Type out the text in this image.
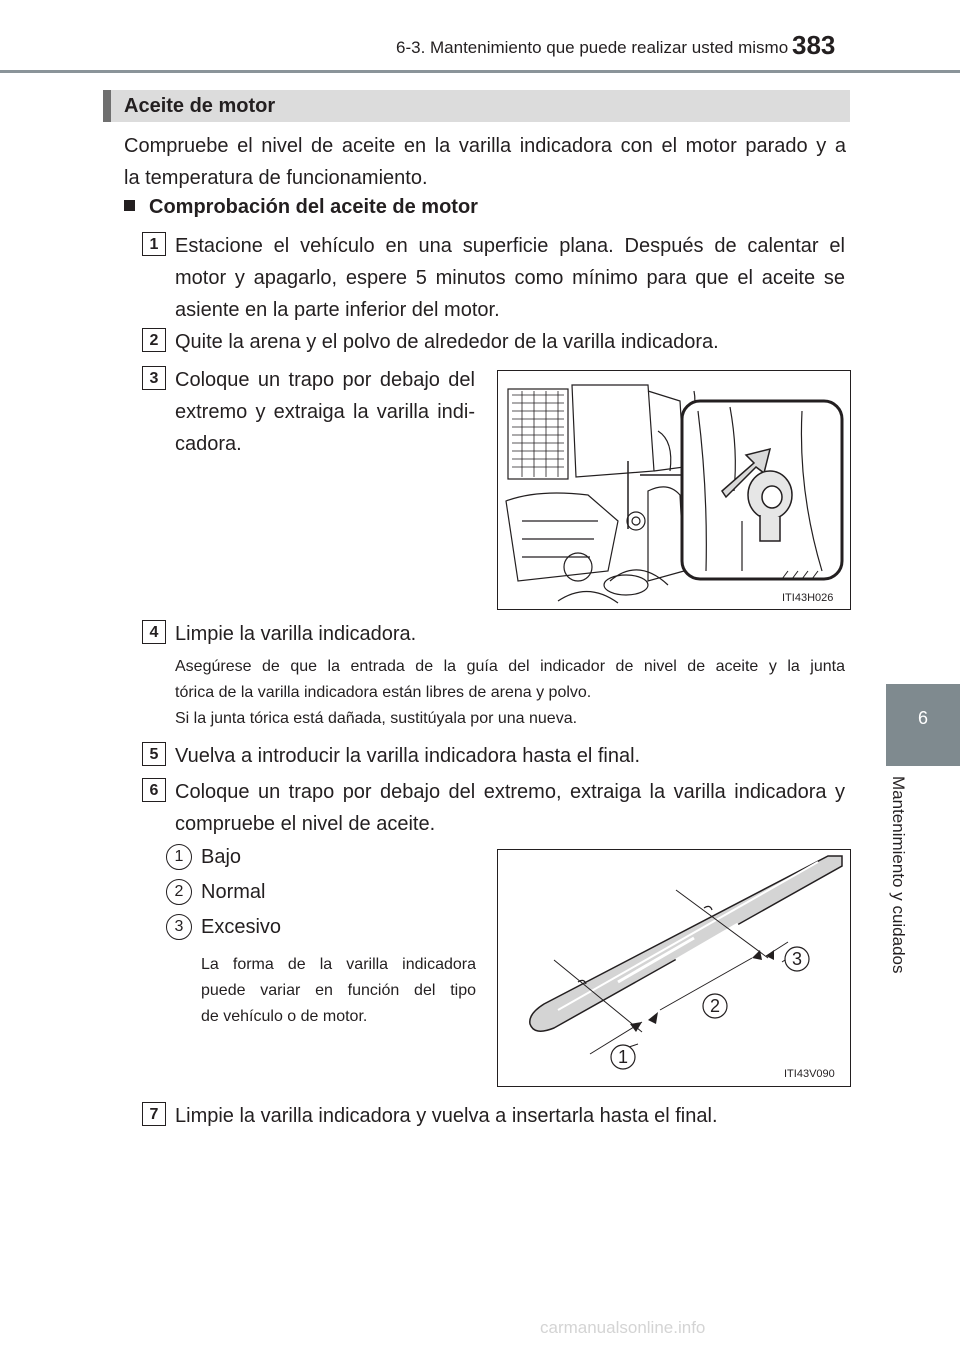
6-3. Mantenimiento que puede realizar usted mismo 383
6
Mantenimiento y cuidados
Aceite de motor
Compruebe el nivel de aceite en la varilla indicadora con el motor parado y a
la temperatura de funcionamiento.
Comprobación del aceite de motor
1 Estacione el vehículo en una superficie plana. Después de calentar el
motor y apagarlo, espere 5 minutos como mínimo para que el aceite se
asiente en la parte inferior del motor.
2 Quite la arena y el polvo de alrededor de la varilla indicadora.
3 Coloque un trapo por debajo del
extremo y extraiga la varilla indi-
cadora.
ITI43H026
4 Limpie la varilla indicadora.
Asegúrese de que la entrada de la guía del indicador de nivel de aceite y la junta
tórica de la varilla indicadora están libres de arena y polvo.
Si la junta tórica está dañada, sustitúyala por una nueva.
5 Vuelva a introducir la varilla indicadora hasta el final.
6 Coloque un trapo por debajo del extremo, extraiga la varilla indicadora y
compruebe el nivel de aceite.
1 Bajo
2 Normal
3 Excesivo
La forma de la varilla indicadora
puede variar en función del tipo
de vehículo o de motor.
1
2
3
ITI43V090
7 Limpie la varilla indicadora y vuelva a insertarla hasta el final.
carmanualsonline.info
